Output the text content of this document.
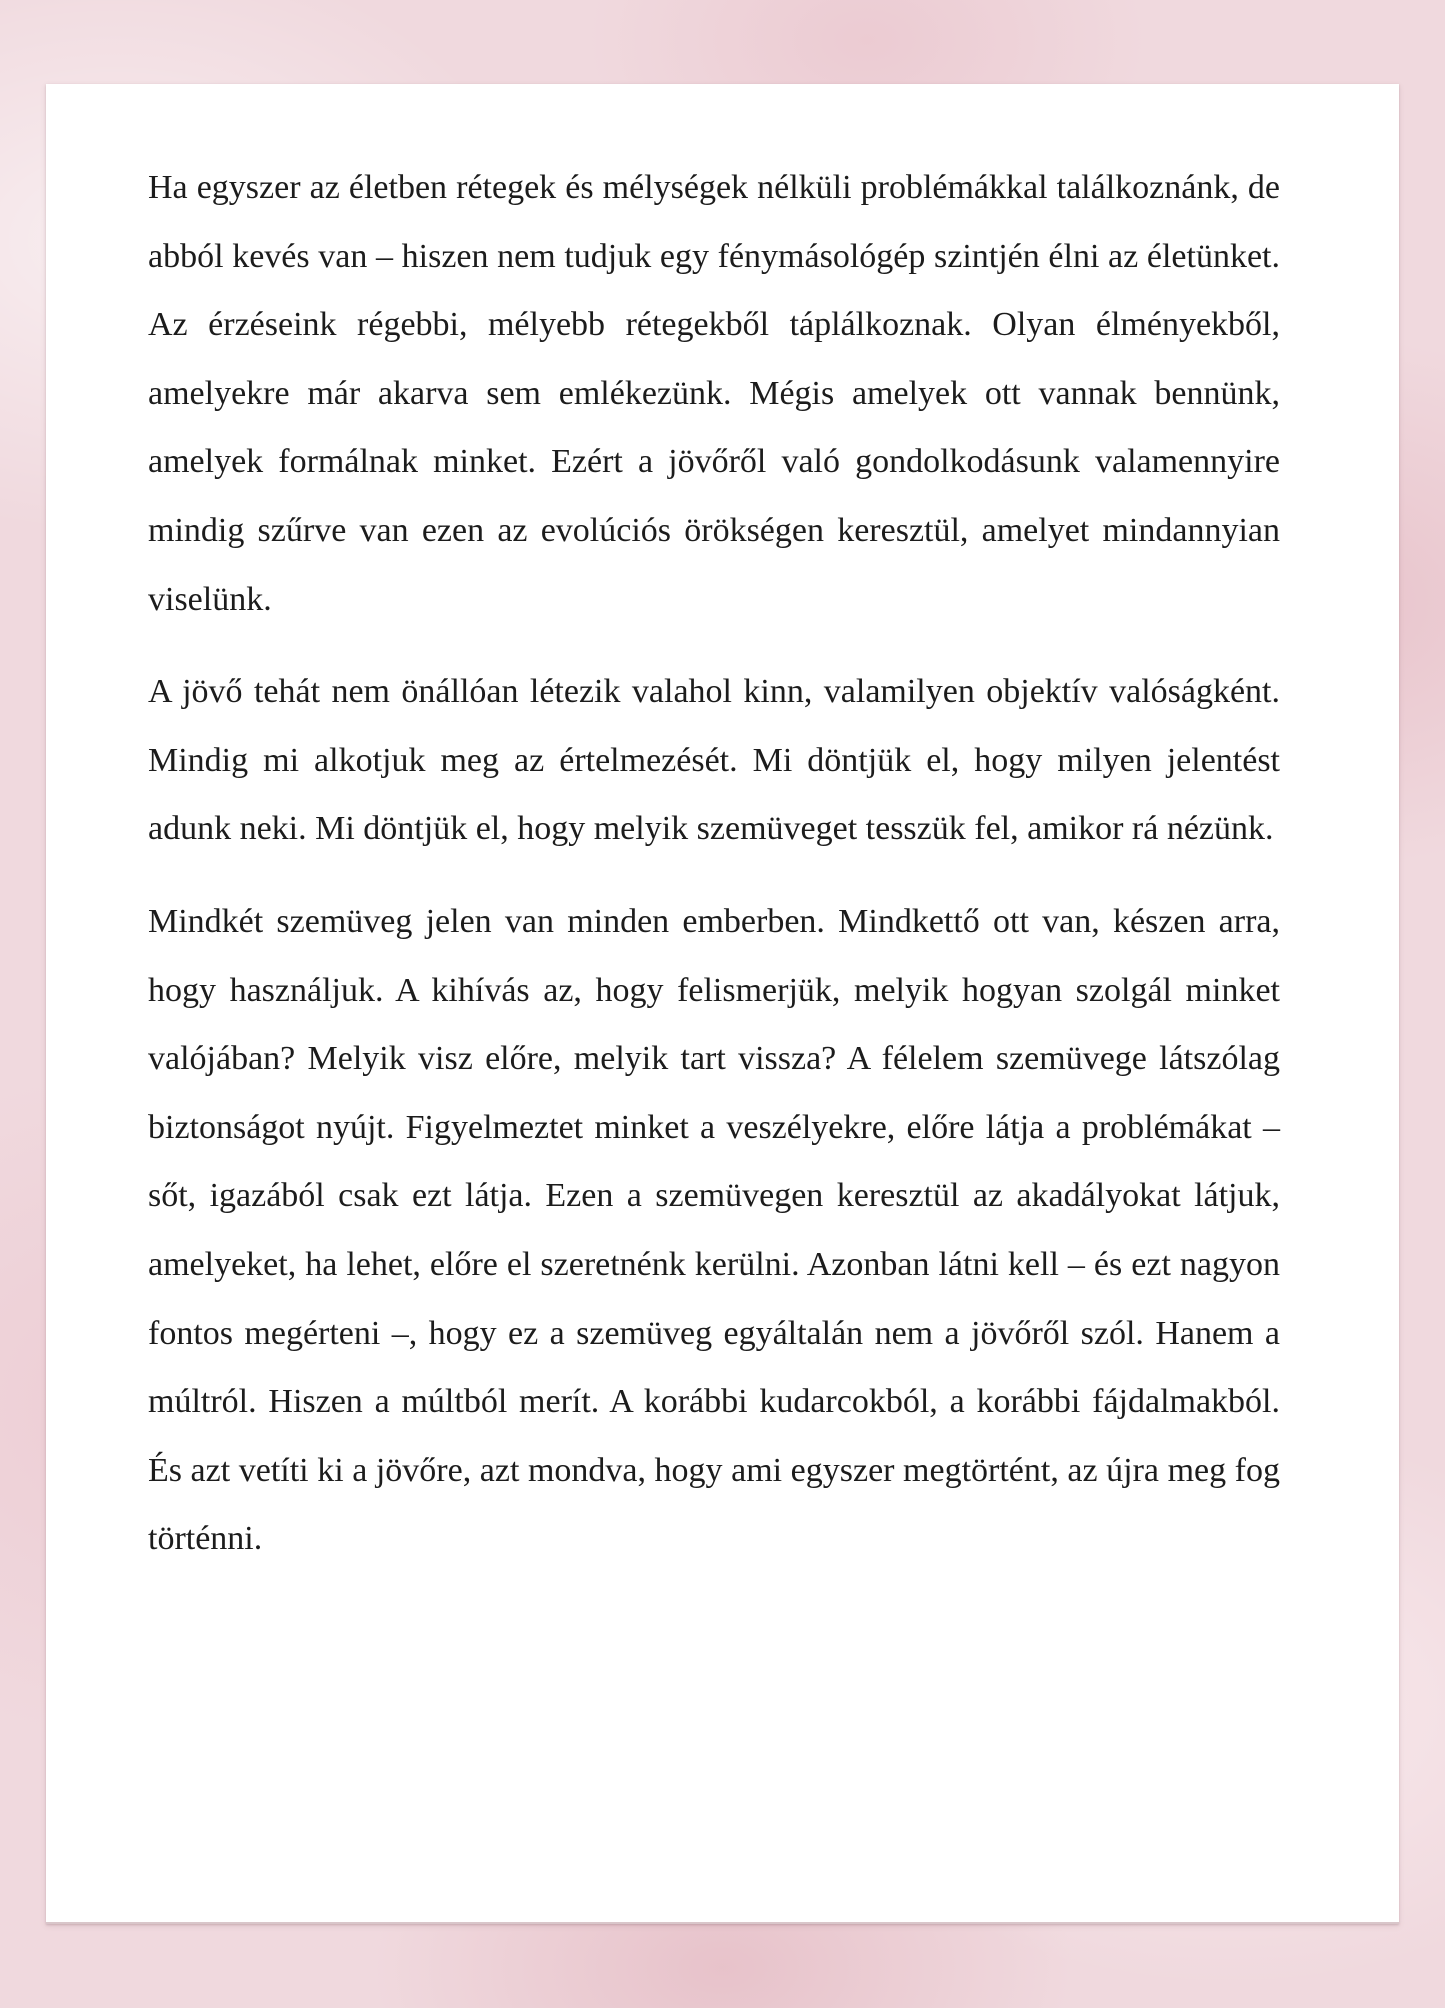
Ha egyszer az életben rétegek és mélységek nélküli problémákkal találkoznánk, de abból kevés van – hiszen nem tudjuk egy fénymásológép szintjén élni az életünket. Az érzéseink régebbi, mélyebb rétegekből táplálkoznak. Olyan élményekből, amelyekre már akarva sem emlékezünk. Mégis amelyek ott vannak bennünk, amelyek formálnak minket. Ezért a jövőről való gondolkodásunk valamennyire mindig szűrve van ezen az evolúciós örökségen keresztül, amelyet mindannyian viselünk.

A jövő tehát nem önállóan létezik valahol kinn, valamilyen objektív valóságként. Mindig mi alkotjuk meg az értelmezését. Mi döntjük el, hogy milyen jelentést adunk neki. Mi döntjük el, hogy melyik szemüveget tesszük fel, amikor rá nézünk.

Mindkét szemüveg jelen van minden emberben. Mindkettő ott van, készen arra, hogy használjuk. A kihívás az, hogy felismerjük, melyik hogyan szolgál minket valójában? Melyik visz előre, melyik tart vissza? A félelem szemüvege látszólag biztonságot nyújt. Figyelmeztet minket a veszélyekre, előre látja a problémákat – sőt, igazából csak ezt látja. Ezen a szemüvegen keresztül az akadályokat látjuk, amelyeket, ha lehet, előre el szeretnénk kerülni. Azonban látni kell – és ezt nagyon fontos megérteni –, hogy ez a szemüveg egyáltalán nem a jövőről szól. Hanem a múltról. Hiszen a múltból merít. A korábbi kudarcokból, a korábbi fájdalmakból. És azt vetíti ki a jövőre, azt mondva, hogy ami egyszer megtörtént, az újra meg fog történni.
